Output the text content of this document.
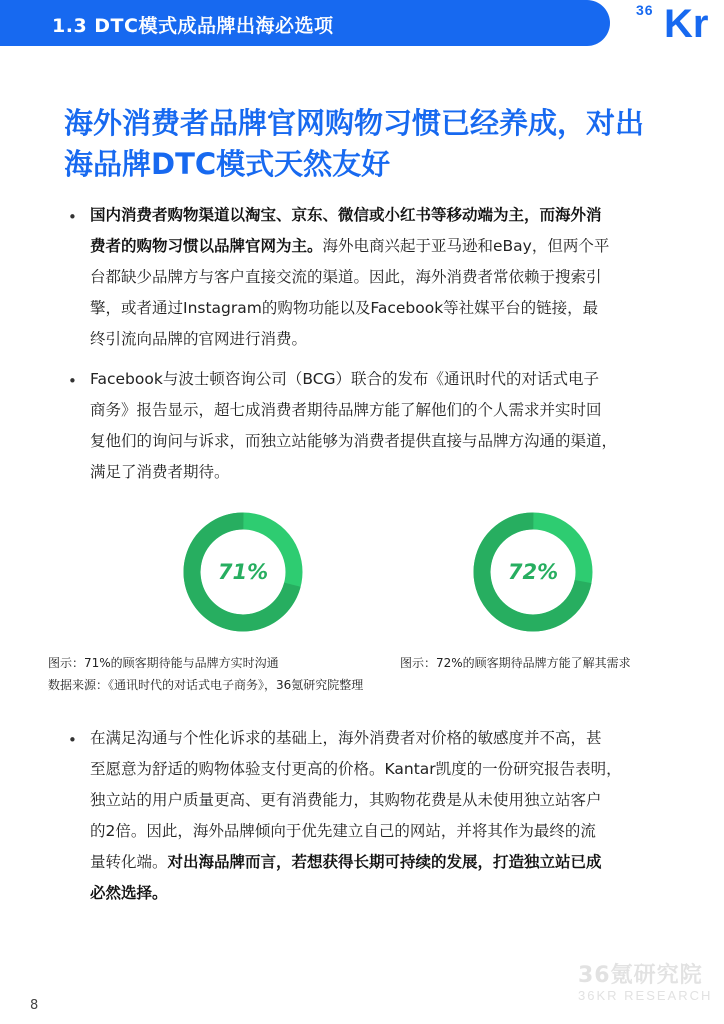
1.3 DTC模式成品牌出海必选项
36 Kr
海外消费者品牌官网购物习惯已经养成，对出
海品牌DTC模式天然友好
• 国内消费者购物渠道以淘宝、京东、微信或小红书等移动端为主，而海外消
费者的购物习惯以品牌官网为主。海外电商兴起于亚马逊和eBay，但两个平
台都缺少品牌方与客户直接交流的渠道。因此，海外消费者常依赖于搜索引
擎，或者通过Instagram的购物功能以及Facebook等社媒平台的链接，最
终引流向品牌的官网进行消费。
• Facebook与波士顿咨询公司（BCG）联合的发布《通讯时代的对话式电子
商务》报告显示，超七成消费者期待品牌方能了解他们的个人需求并实时回
复他们的询问与诉求，而独立站能够为消费者提供直接与品牌方沟通的渠道，
满足了消费者期待。
71%	72%
图示：71%的顾客期待能与品牌方实时沟通	图示：72%的顾客期待品牌方能了解其需求
数据来源：《通讯时代的对话式电子商务》，36氪研究院整理
• 在满足沟通与个性化诉求的基础上，海外消费者对价格的敏感度并不高，甚
至愿意为舒适的购物体验支付更高的价格。Kantar凯度的一份研究报告表明，
独立站的用户质量更高、更有消费能力，其购物花费是从未使用独立站客户
的2倍。因此，海外品牌倾向于优先建立自己的网站，并将其作为最终的流
量转化端。对出海品牌而言，若想获得长期可持续的发展，打造独立站已成
必然选择。
36氪研究院
36KR RESEARCH
8
